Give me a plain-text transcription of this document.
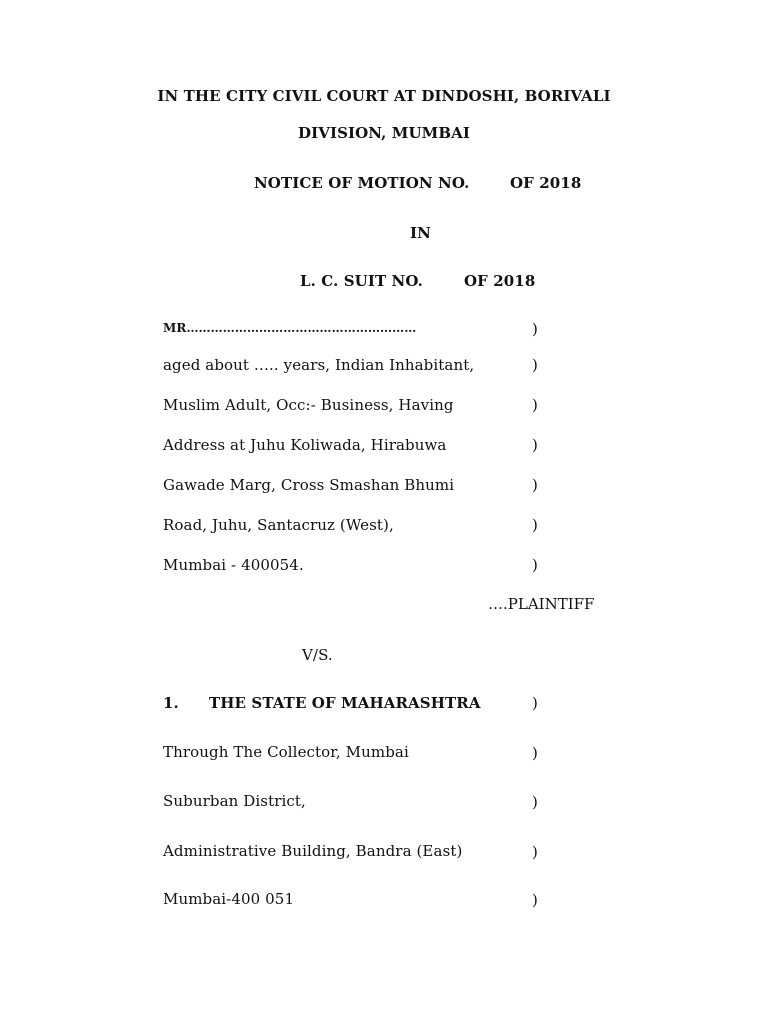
IN THE CITY CIVIL COURT AT DINDOSHI, BORIVALI
DIVISION, MUMBAI
NOTICE OF MOTION NO.	OF 2018
IN
L. C. SUIT NO.	OF 2018
MR…………………………………………………	)
aged about ….. years, Indian Inhabitant,	)
Muslim Adult, Occ:- Business, Having	)
Address at Juhu Koliwada, Hirabuwa	)
Gawade Marg, Cross Smashan Bhumi	)
Road, Juhu, Santacruz (West),	)
Mumbai - 400054.	)
….PLAINTIFF
V/S.
1. THE STATE OF MAHARASHTRA	)
Through The Collector, Mumbai	)
Suburban District,	)
Administrative Building, Bandra (East)	)
Mumbai-400 051	)
